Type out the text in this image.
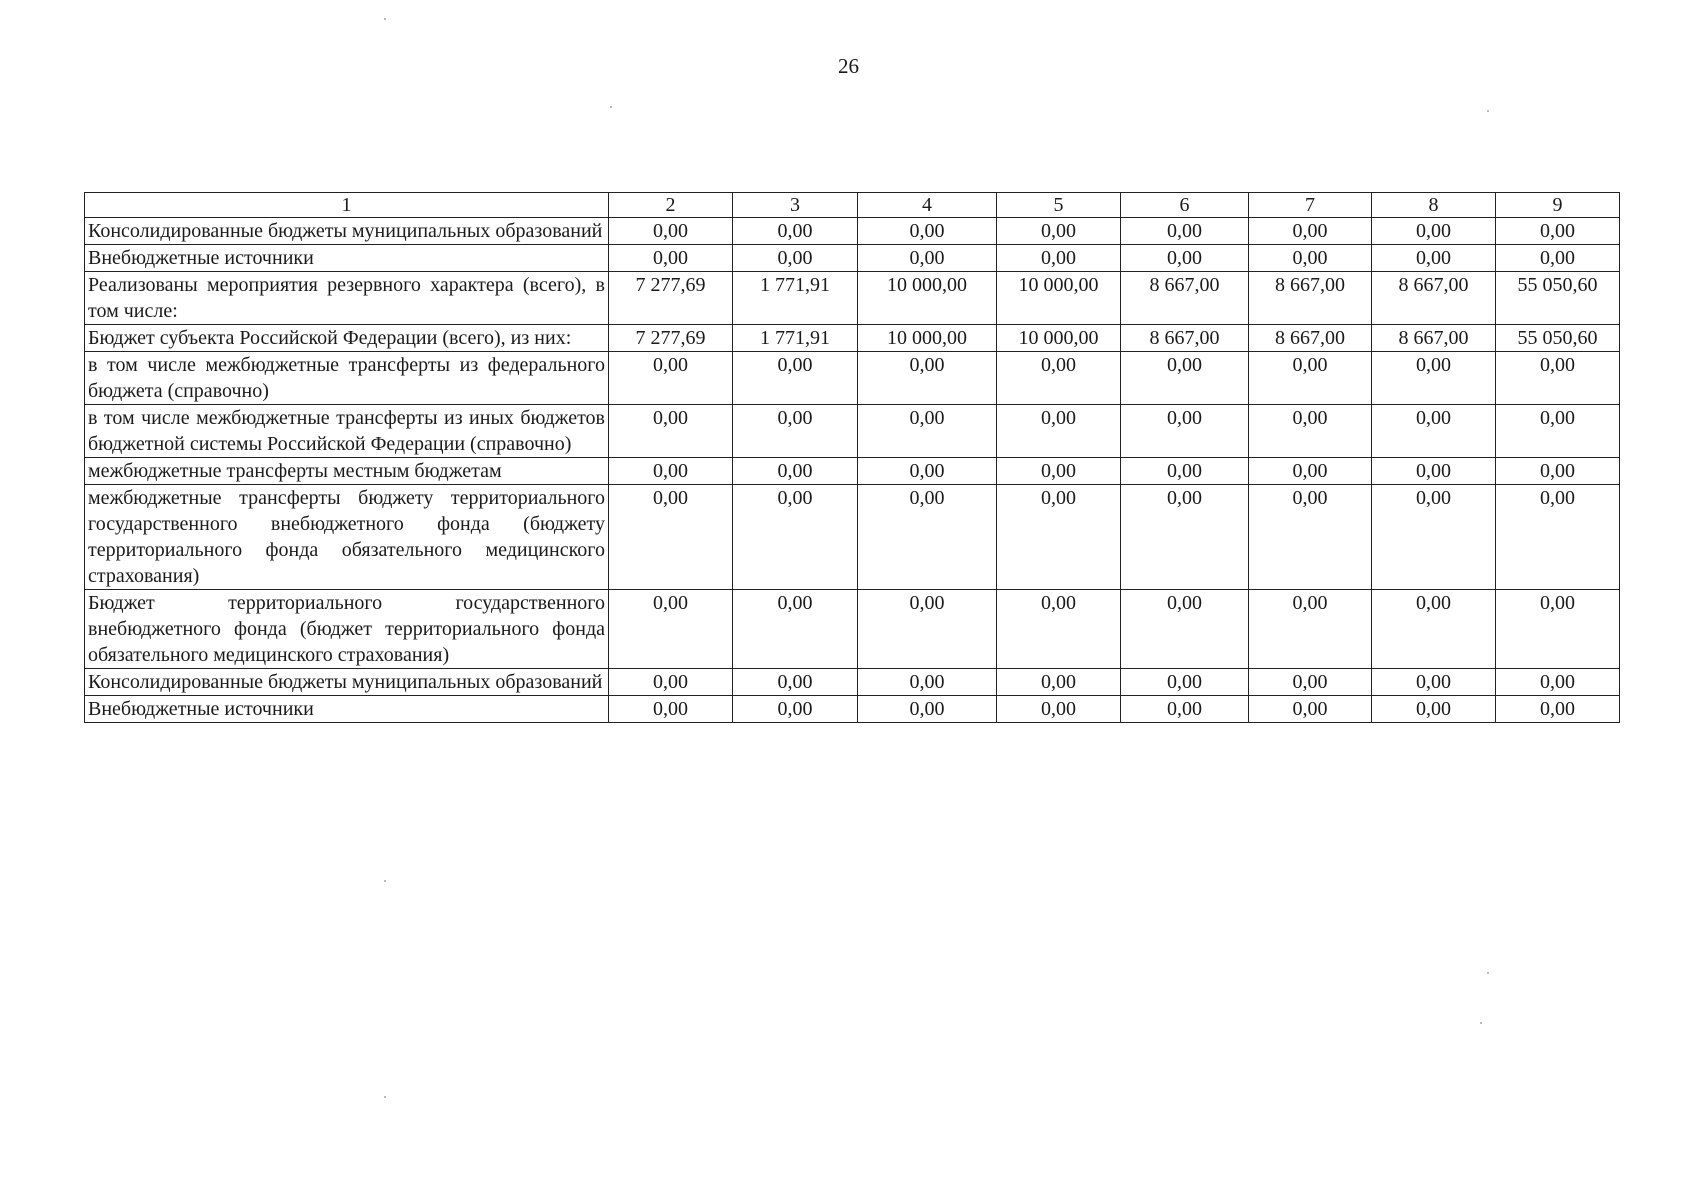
26
1	2	3	4	5	6	7	8	9
Консолидированные бюджеты муниципальных образований	0,00	0,00	0,00	0,00	0,00	0,00	0,00	0,00
Внебюджетные источники	0,00	0,00	0,00	0,00	0,00	0,00	0,00	0,00
Реализованы мероприятия резервного характера (всего), в том числе:	7 277,69	1 771,91	10 000,00	10 000,00	8 667,00	8 667,00	8 667,00	55 050,60
Бюджет субъекта Российской Федерации (всего), из них:	7 277,69	1 771,91	10 000,00	10 000,00	8 667,00	8 667,00	8 667,00	55 050,60
в том числе межбюджетные трансферты из федерального бюджета (справочно)	0,00	0,00	0,00	0,00	0,00	0,00	0,00	0,00
в том числе межбюджетные трансферты из иных бюджетов бюджетной системы Российской Федерации (справочно)	0,00	0,00	0,00	0,00	0,00	0,00	0,00	0,00
межбюджетные трансферты местным бюджетам	0,00	0,00	0,00	0,00	0,00	0,00	0,00	0,00
межбюджетные трансферты бюджету территориального государственного внебюджетного фонда (бюджету территориального фонда обязательного медицинского страхования)	0,00	0,00	0,00	0,00	0,00	0,00	0,00	0,00
Бюджет территориального государственного внебюджетного фонда (бюджет территориального фонда обязательного медицинского страхования)	0,00	0,00	0,00	0,00	0,00	0,00	0,00	0,00
Консолидированные бюджеты муниципальных образований	0,00	0,00	0,00	0,00	0,00	0,00	0,00	0,00
Внебюджетные источники	0,00	0,00	0,00	0,00	0,00	0,00	0,00	0,00
